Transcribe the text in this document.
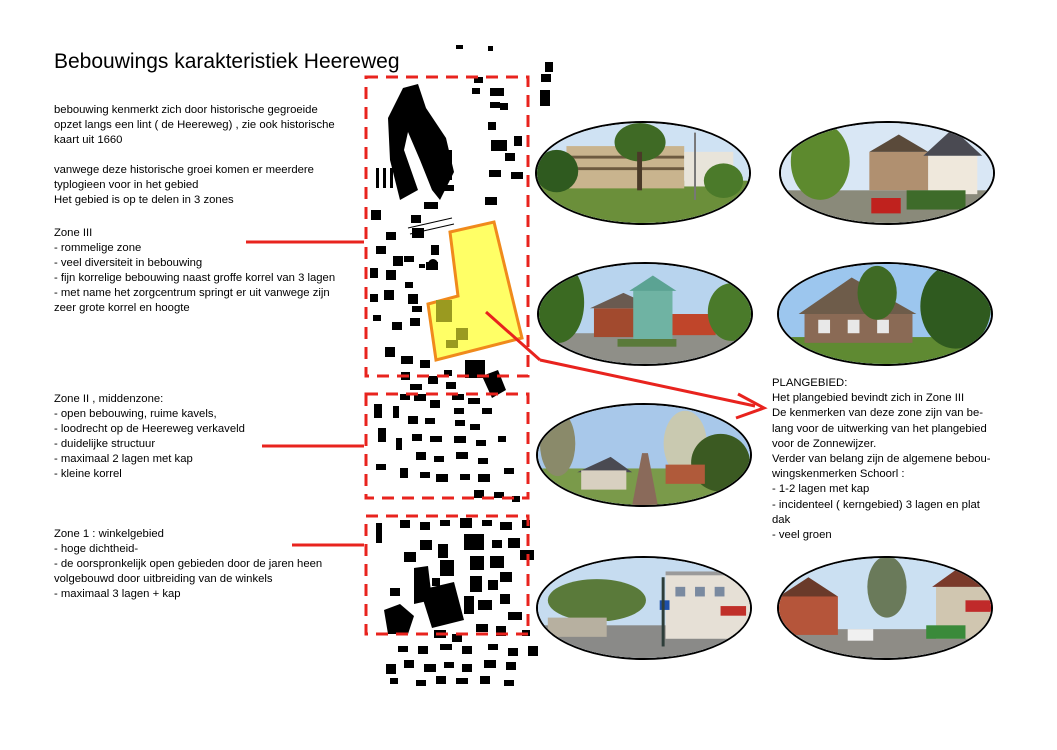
Bebouwings karakteristiek Heereweg
bebouwing kenmerkt zich door historische gegroeide
opzet langs een lint ( de Heereweg) , zie ook historische
kaart uit 1660
vanwege deze historische groei komen er meerdere
typlogieen voor in het gebied
Het gebied is op te delen in 3 zones
Zone III
- rommelige zone
- veel diversiteit in bebouwing
- fijn korrelige bebouwing naast groffe korrel van 3 lagen
- met name het zorgcentrum springt er uit vanwege zijn
zeer grote korrel en hoogte
Zone II , middenzone:
- open bebouwing, ruime kavels,
- loodrecht op de Heereweg verkaveld
- duidelijke structuur
- maximaal 2 lagen met kap
- kleine korrel
Zone 1 : winkelgebied
- hoge dichtheid-
- de oorspronkelijk open gebieden door de jaren heen
volgebouwd door uitbreiding van de winkels
- maximaal 3 lagen + kap
PLANGEBIED:
Het plangebied bevindt zich in Zone III
De kenmerken van deze zone zijn van be-
lang voor de uitwerking van het plangebied
voor de Zonnewijzer.
Verder van belang zijn de algemene bebou-
wingskenmerken Schoorl :
- 1-2 lagen met kap
- incidenteel ( kerngebied) 3 lagen en plat
dak
- veel groen
